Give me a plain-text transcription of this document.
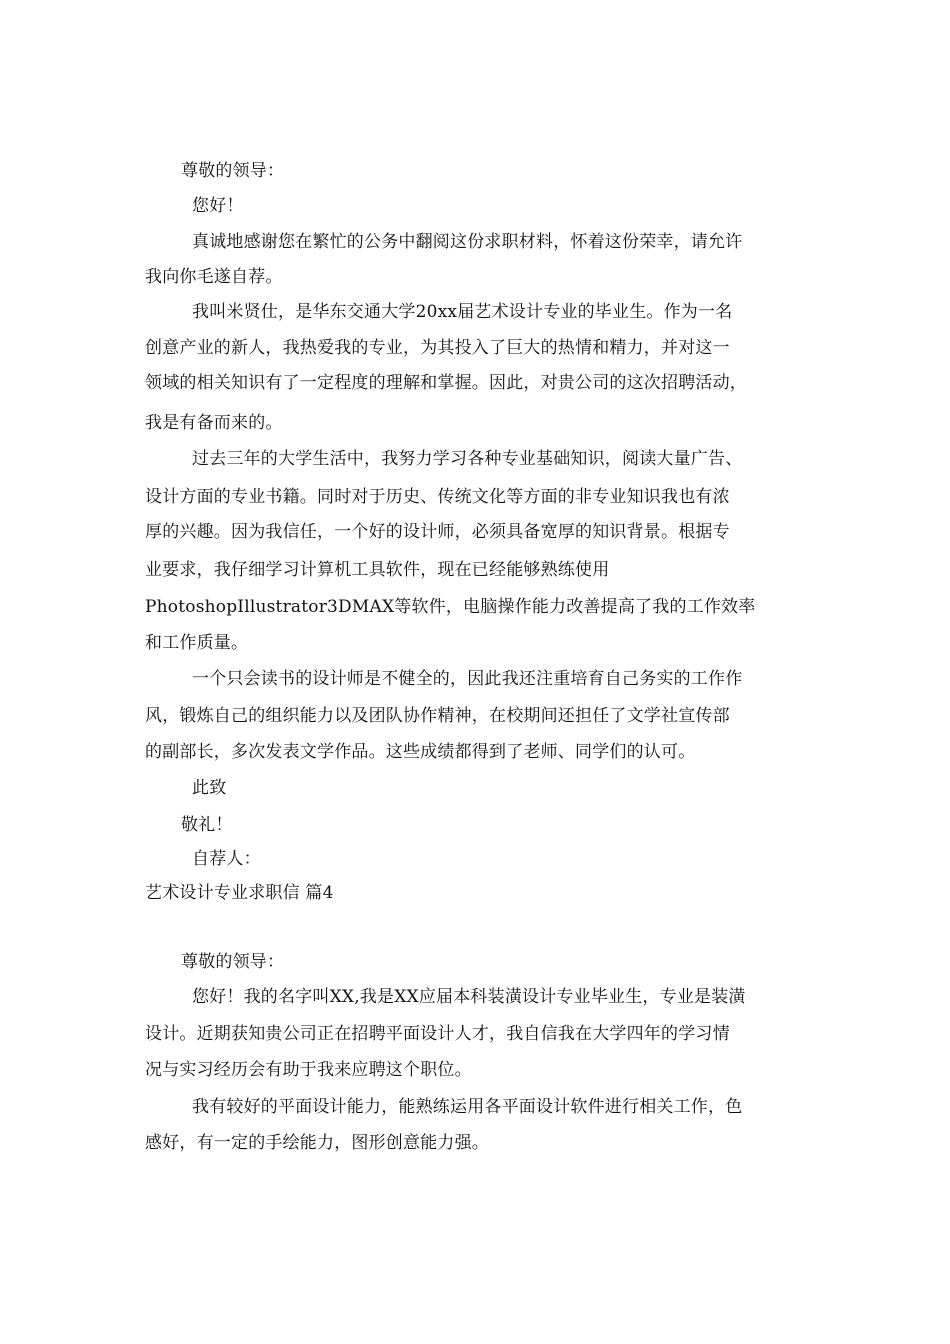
尊敬的领导：
您好！
真诚地感谢您在繁忙的公务中翻阅这份求职材料，怀着这份荣幸，请允许
我向你毛遂自荐。
我叫米贤仕，是华东交通大学20xx届艺术设计专业的毕业生。作为一名
创意产业的新人，我热爱我的专业，为其投入了巨大的热情和精力，并对这一
领域的相关知识有了一定程度的理解和掌握。因此，对贵公司的这次招聘活动，
我是有备而来的。
过去三年的大学生活中，我努力学习各种专业基础知识，阅读大量广告、
设计方面的专业书籍。同时对于历史、传统文化等方面的非专业知识我也有浓
厚的兴趣。因为我信任，一个好的设计师，必须具备宽厚的知识背景。根据专
业要求，我仔细学习计算机工具软件，现在已经能够熟练使用
PhotoshopIllustrator3DMAX等软件，电脑操作能力改善提高了我的工作效率
和工作质量。
一个只会读书的设计师是不健全的，因此我还注重培育自己务实的工作作
风，锻炼自己的组织能力以及团队协作精神，在校期间还担任了文学社宣传部
的副部长，多次发表文学作品。这些成绩都得到了老师、同学们的认可。
此致
敬礼！
自荐人：
艺术设计专业求职信 篇4
尊敬的领导：
您好！我的名字叫XX,我是XX应届本科装潢设计专业毕业生，专业是装潢
设计。近期获知贵公司正在招聘平面设计人才，我自信我在大学四年的学习情
况与实习经历会有助于我来应聘这个职位。
我有较好的平面设计能力，能熟练运用各平面设计软件进行相关工作，色
感好，有一定的手绘能力，图形创意能力强。
